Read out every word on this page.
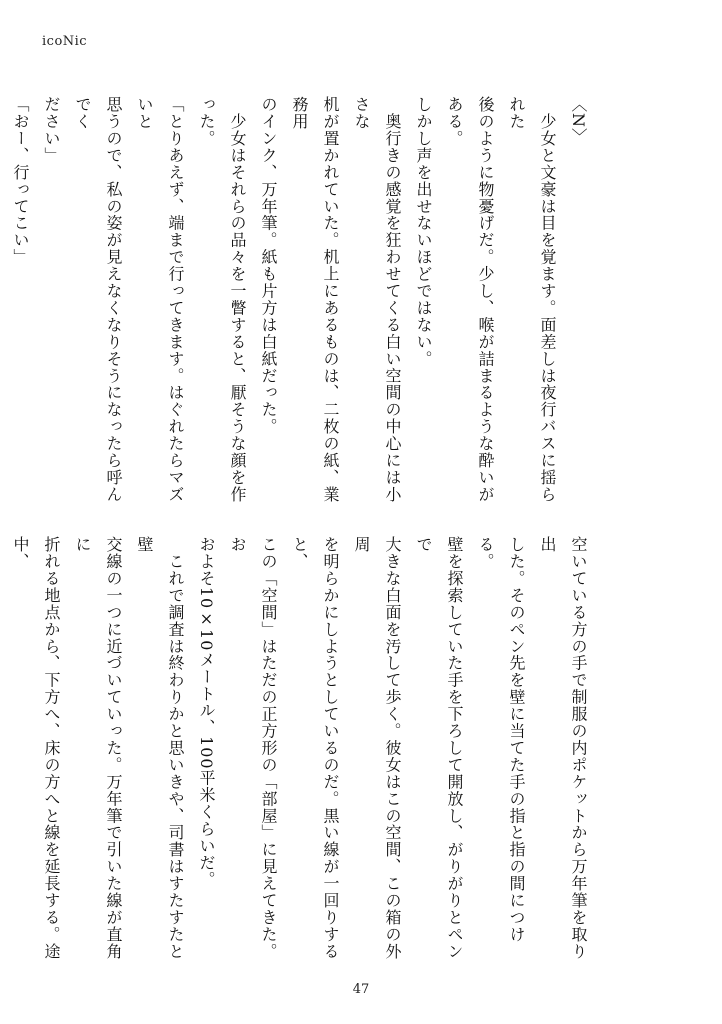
icoNic
〈N〉
　少女と文豪は目を覚ます。面差しは夜行バスに揺られた
後のように物憂げだ。少し、喉が詰まるような酔いがある。
しかし声を出せないほどではない。
　奥行きの感覚を狂わせてくる白い空間の中心には小さな
机が置かれていた。机上にあるものは、二枚の紙、業務用
のインク、万年筆。紙も片方は白紙だった。
　少女はそれらの品々を一瞥すると、厭そうな顔を作った。
「とりあえず、端まで行ってきます。はぐれたらマズいと
思うので、私の姿が見えなくなりそうになったら呼んでく
ださい」
「おー、行ってこい」
空いている方の手で制服の内ポケットから万年筆を取り出
した。そのペン先を壁に当てた手の指と指の間につける。
壁を探索していた手を下ろして開放し、がりがりとペンで
大きな白面を汚して歩く。彼女はこの空間、この箱の外周
を明らかにしようとしているのだ。黒い線が一回りすると、
この「空間」はただの正方形の「部屋」に見えてきた。お
およそ10×10メートル、100平米くらいだ。
　これで調査は終わりかと思いきや、司書はすたすたと壁
交線の一つに近づいていった。万年筆で引いた線が直角に
折れる地点から、下方へ、床の方へと線を延長する。途中、
47
